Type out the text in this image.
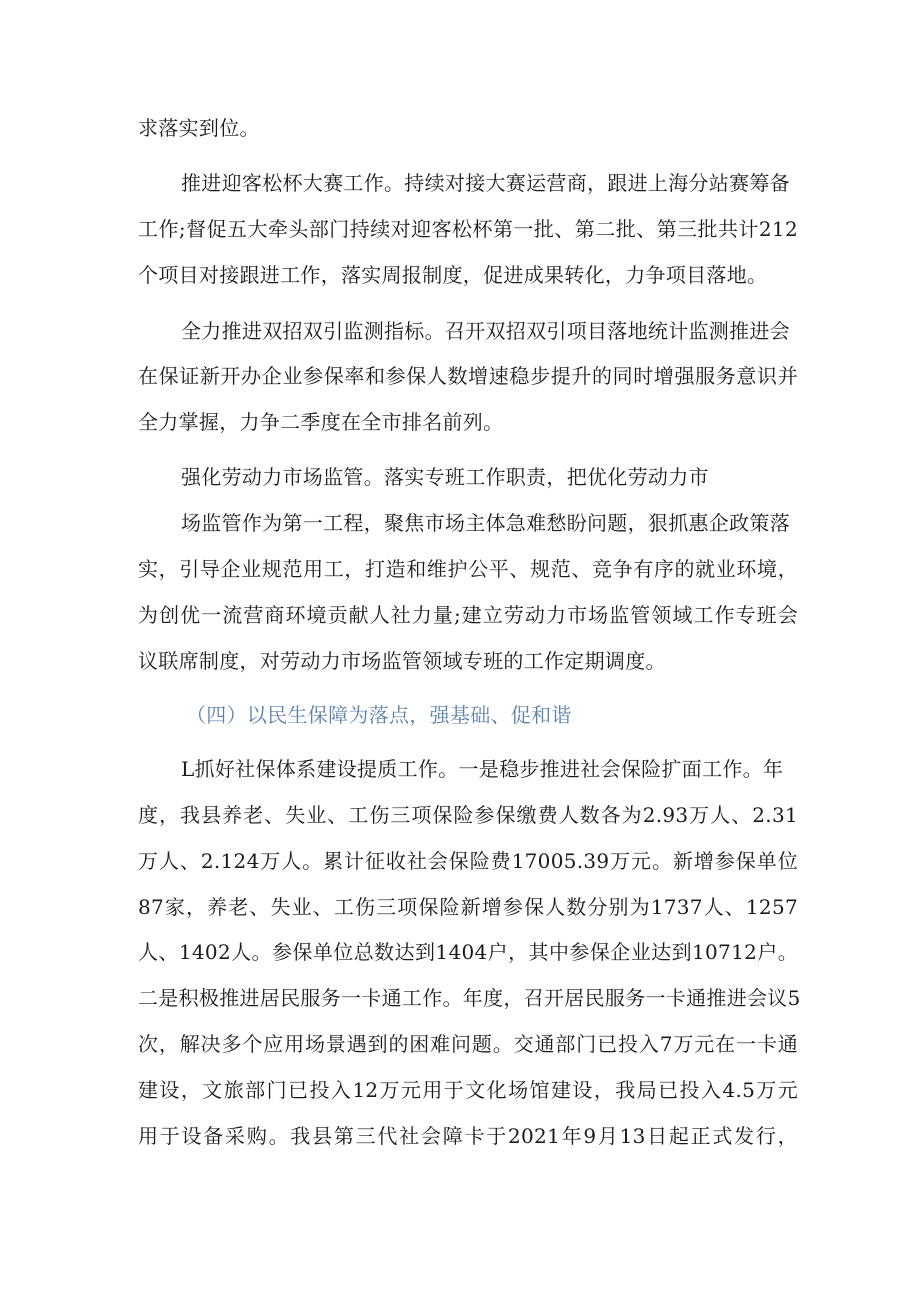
求落实到位。
推进迎客松杯大赛工作。持续对接大赛运营商，跟进上海分站赛筹备
工作;督促五大牵头部门持续对迎客松杯第一批、第二批、第三批共计212
个项目对接跟进工作，落实周报制度，促进成果转化，力争项目落地。
全力推进双招双引监测指标。召开双招双引项目落地统计监测推进会
在保证新开办企业参保率和参保人数增速稳步提升的同时增强服务意识并
全力掌握，力争二季度在全市排名前列。
强化劳动力市场监管。落实专班工作职责，把优化劳动力市
场监管作为第一工程，聚焦市场主体急难愁盼问题，狠抓惠企政策落
实，引导企业规范用工，打造和维护公平、规范、竞争有序的就业环境，
为创优一流营商环境贡献人社力量;建立劳动力市场监管领域工作专班会
议联席制度，对劳动力市场监管领域专班的工作定期调度。
（四）以民生保障为落点，强基础、促和谐
L抓好社保体系建设提质工作。一是稳步推进社会保险扩面工作。年
度，我县养老、失业、工伤三项保险参保缴费人数各为2.93万人、2.31
万人、2.124万人。累计征收社会保险费17005.39万元。新增参保单位
87家，养老、失业、工伤三项保险新增参保人数分别为1737人、1257
人、1402人。参保单位总数达到1404户，其中参保企业达到10712户。
二是积极推进居民服务一卡通工作。年度，召开居民服务一卡通推进会议5
次，解决多个应用场景遇到的困难问题。交通部门已投入7万元在一卡通
建设，文旅部门已投入12万元用于文化场馆建设，我局已投入4.5万元
用于设备采购。我县第三代社会障卡于2021年9月13日起正式发行，
